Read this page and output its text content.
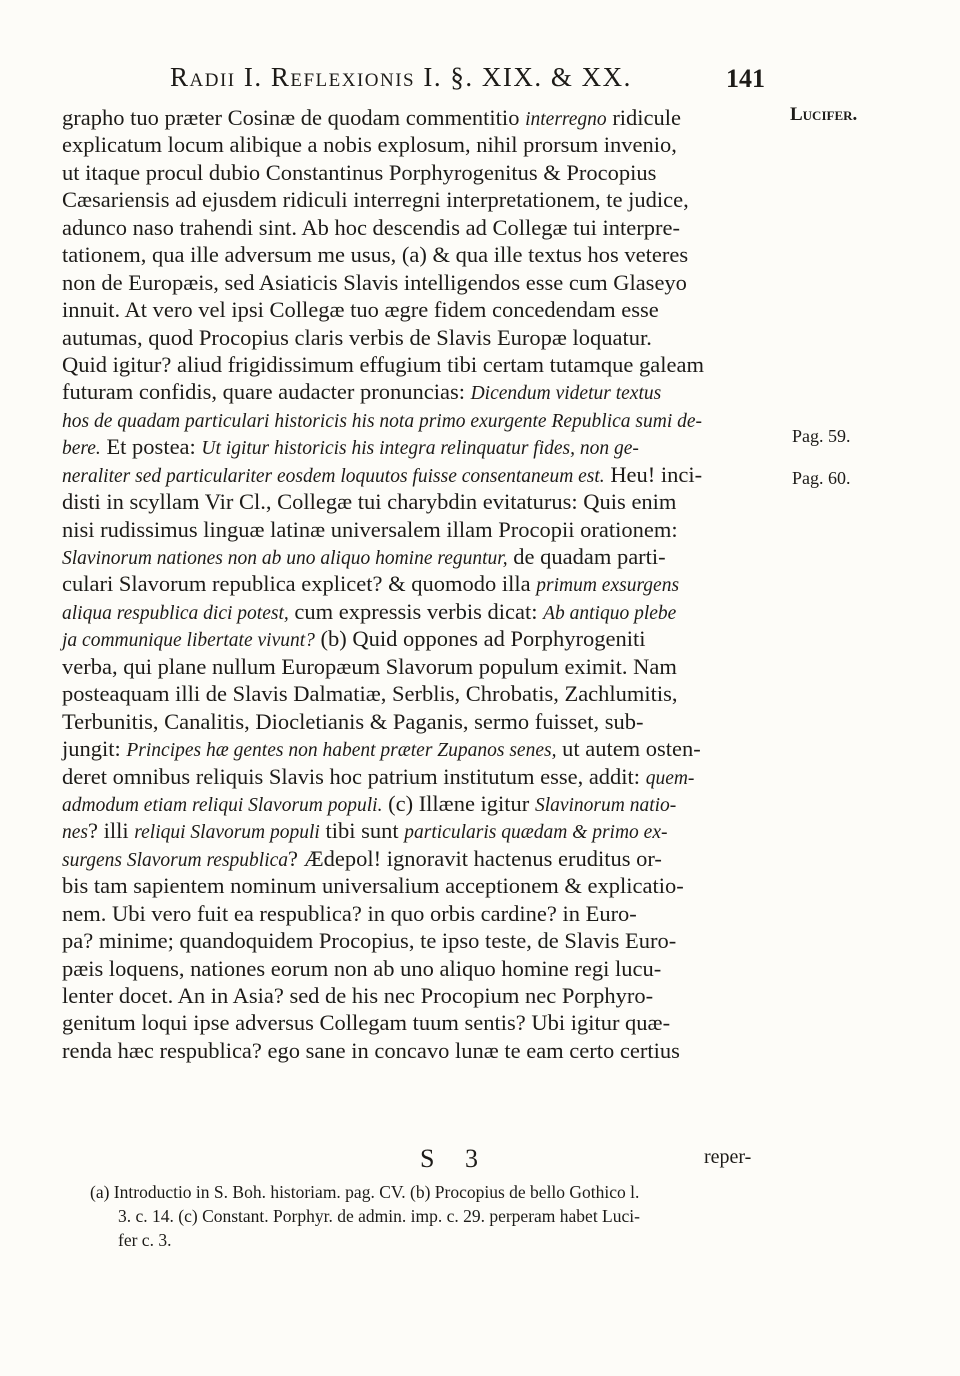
Radii I. Reflexionis I. §. XIX. & XX.	141
Lucifer.
Pag. 59.
Pag. 60.
grapho tuo præter Cosinæ de quodam commentitio interregno ridicule
explicatum locum alibique a nobis explosum, nihil prorsum invenio,
ut itaque procul dubio Constantinus Porphyrogenitus & Procopius
Cæsariensis ad ejusdem ridiculi interregni interpretationem, te judice,
adunco naso trahendi sint. Ab hoc descendis ad Collegæ tui interpre-
tationem, qua ille adversum me usus, (a) & qua ille textus hos veteres
non de Europæis, sed Asiaticis Slavis intelligendos esse cum Glaseyo
innuit. At vero vel ipsi Collegæ tuo ægre fidem concedendam esse
autumas, quod Procopius claris verbis de Slavis Europæ loquatur.
Quid igitur? aliud frigidissimum effugium tibi certam tutamque galeam
futuram confidis, quare audacter pronuncias: Dicendum videtur textus
hos de quadam particulari historicis his nota primo exurgente Republica sumi de-
bere. Et postea: Ut igitur historicis his integra relinquatur fides, non ge-
neraliter sed particulariter eosdem loquutos fuisse consentaneum est. Heu! inci-
disti in scyllam Vir Cl., Collegæ tui charybdin evitaturus: Quis enim
nisi rudissimus linguæ latinæ universalem illam Procopii orationem:
Slavinorum nationes non ab uno aliquo homine reguntur, de quadam parti-
culari Slavorum republica explicet? & quomodo illa primum exsurgens
aliqua respublica dici potest, cum expressis verbis dicat: Ab antiquo plebe
ja communique libertate vivunt? (b) Quid oppones ad Porphyrogeniti
verba, qui plane nullum Europæum Slavorum populum eximit. Nam
posteaquam illi de Slavis Dalmatiæ, Serblis, Chrobatis, Zachlumitis,
Terbunitis, Canalitis, Diocletianis & Paganis, sermo fuisset, sub-
jungit: Principes hæ gentes non habent præter Zupanos senes, ut autem osten-
deret omnibus reliquis Slavis hoc patrium institutum esse, addit: quem-
admodum etiam reliqui Slavorum populi. (c) Illæne igitur Slavinorum natio-
nes? illi reliqui Slavorum populi tibi sunt particularis quædam & primo ex-
surgens Slavorum respublica? Ædepol! ignoravit hactenus eruditus or-
bis tam sapientem nominum universalium acceptionem & explicatio-
nem. Ubi vero fuit ea respublica? in quo orbis cardine? in Euro-
pa? minime; quandoquidem Procopius, te ipso teste, de Slavis Euro-
pæis loquens, nationes eorum non ab uno aliquo homine regi lucu-
lenter docet. An in Asia? sed de his nec Procopium nec Porphyro-
genitum loqui ipse adversus Collegam tuum sentis? Ubi igitur quæ-
renda hæc respublica? ego sane in concavo lunæ te eam certo certius
S 3	reper-
(a) Introductio in S. Boh. historiam. pag. CV. (b) Procopius de bello Gothico l.
3. c. 14. (c) Constant. Porphyr. de admin. imp. c. 29. perperam habet Luci-
fer c. 3.
